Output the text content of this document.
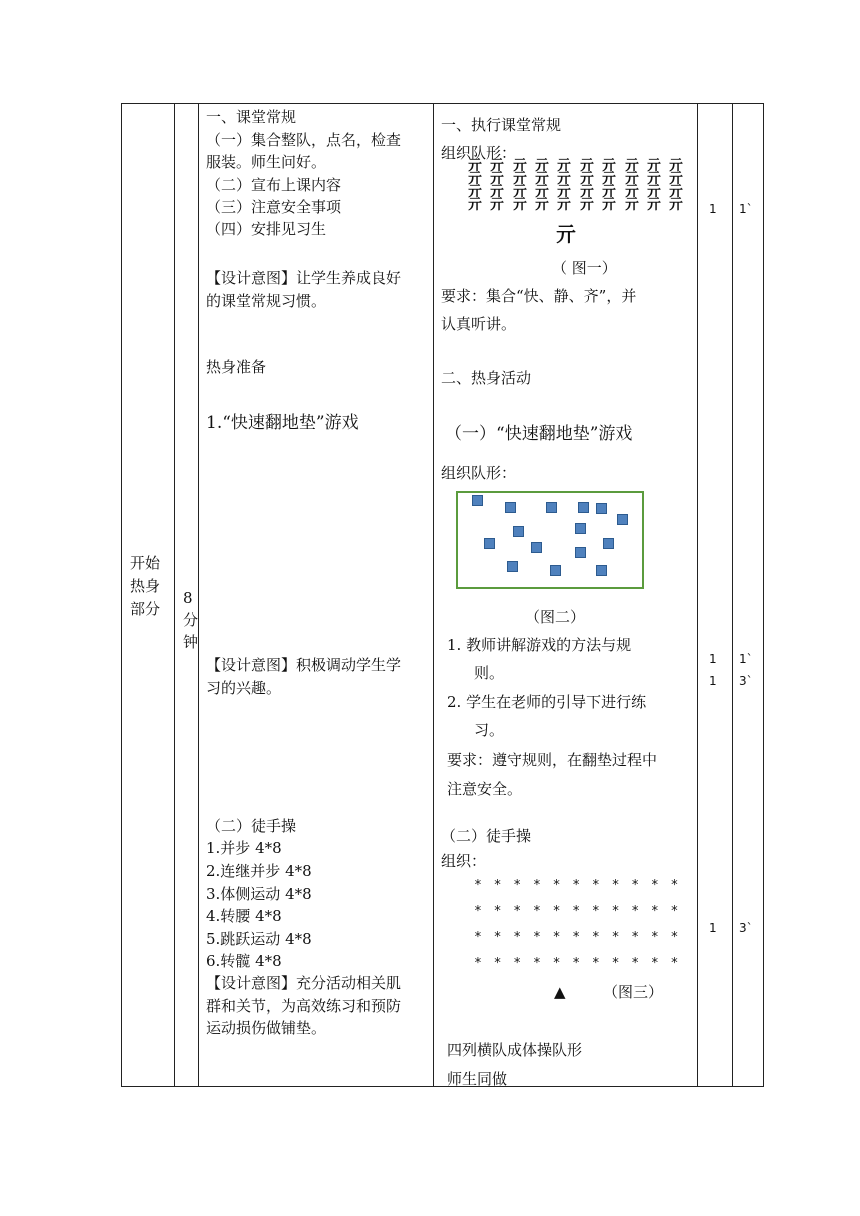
开始
热身
部分
8
分
钟
一、课堂常规
（一）集合整队，点名，检查
服装。师生问好。
（二）宣布上课内容
（三）注意安全事项
（四）安排见习生
【设计意图】让学生养成良好
的课堂常规习惯。
热身准备
1.“快速翻地垫”游戏
【设计意图】积极调动学生学
习的兴趣。
（二）徒手操
1.并步 4*8
2.连继并步 4*8
3.体侧运动 4*8
4.转腰 4*8
5.跳跃运动 4*8
6.转髋 4*8
【设计意图】充分活动相关肌
群和关节，为高效练习和预防
运动损伤做铺垫。
一、执行课堂常规
组织队形：
亓 亓 亓 亓 亓 亓 亓 亓 亓 亓
亓 亓 亓 亓 亓 亓 亓 亓 亓 亓
亓 亓 亓 亓 亓 亓 亓 亓 亓 亓
亓 亓 亓 亓 亓 亓 亓 亓 亓 亓
亓
（ 图一）
要求：集合“快、静、齐”，并
认真听讲。
二、热身活动
（一）“快速翻地垫”游戏
组织队形：
（图二）
1. 教师讲解游戏的方法与规
则。
2. 学生在老师的引导下进行练
习。
要求：遵守规则，在翻垫过程中
注意安全。
（二）徒手操
组织：
* * * * * * * * * * *
* * * * * * * * * * *
* * * * * * * * * * *
* * * * * * * * * * *
▲ （图三）
四列横队成体操队形
师生同做
1
1
1
1
1`
1`
3`
3`
